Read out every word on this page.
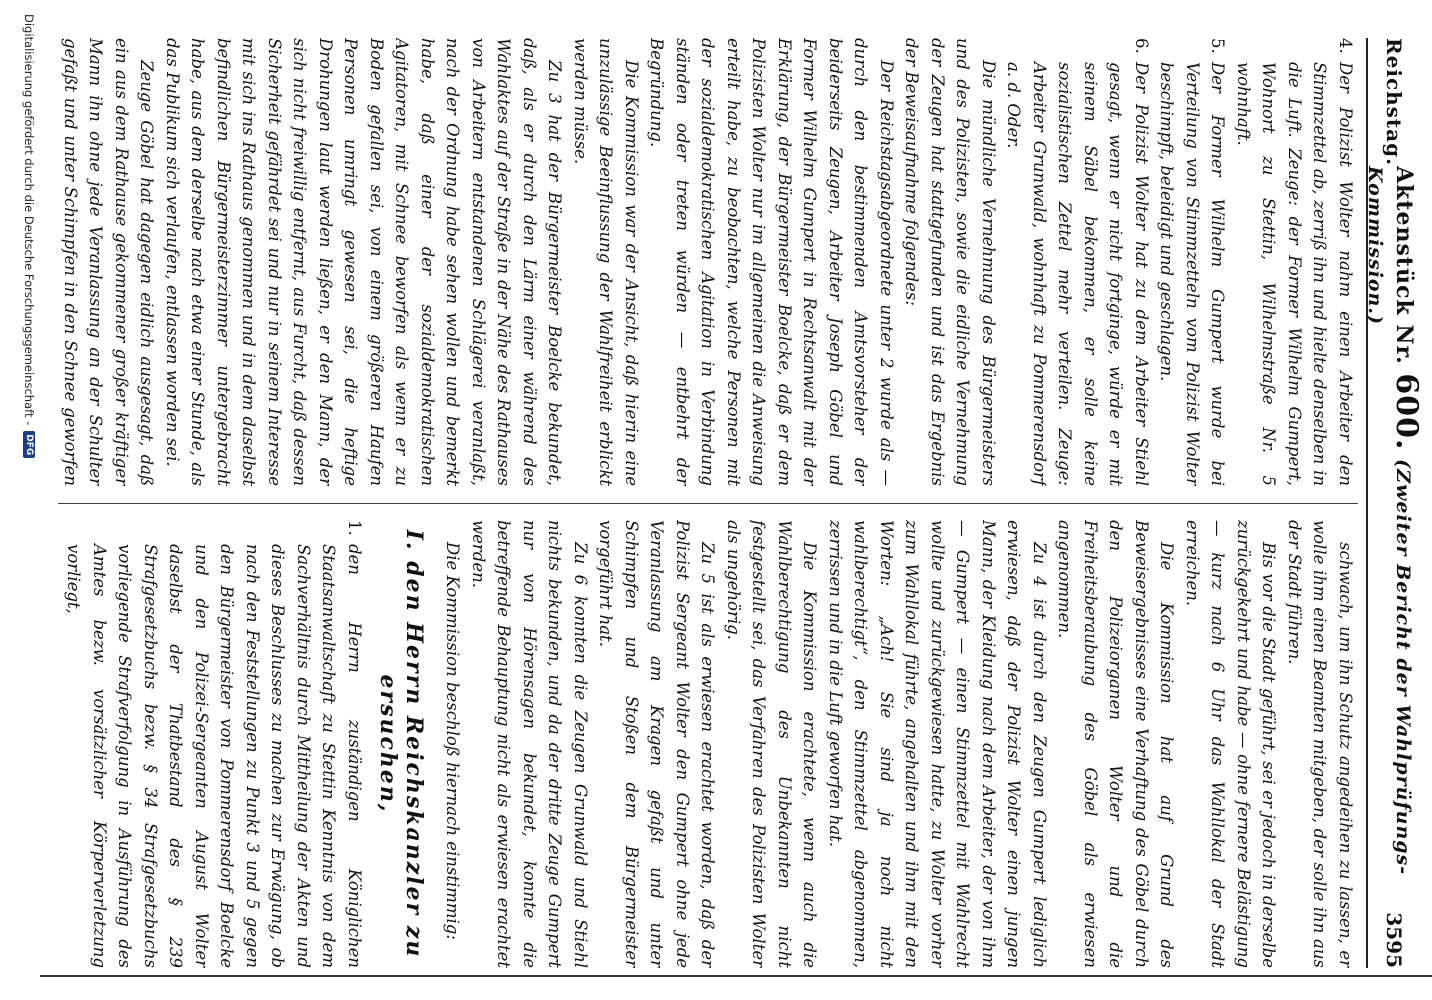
Reichstag.
Aktenstück Nr. 600. (Zweiter Bericht der Wahlprüfungs-Kommission.)
3595

4.
Der Polizist Wolter nahm einen Arbeiter den Stimmzettel ab, zerriß ihn und hielte denselben in die Luft. Zeuge: der Former Wilhelm Gumpert, Wohnort zu Stettin, Wilhelmstraße Nr. 5 wohnhaft.

5.
Der Former Wilhelm Gumpert wurde bei Verteilung von Stimmzetteln vom Polizist Wolter beschimpft, beleidigt und geschlagen.

6.
Der Polizist Wolter hat zu dem Arbeiter Stiehl gesagt, wenn er nicht fortginge, würde er mit seinem Säbel bekommen, er solle keine sozialistischen Zettel mehr verteilen. Zeuge: Arbeiter Grunwald, wohnhaft zu Pommerensdorf a. d. Oder.

Die mündliche Vernehmung des Bürgermeisters und des Polizisten, sowie die eidliche Vernehmung der Zeugen hat stattgefunden und ist das Ergebnis der Beweisaufnahme folgendes:

Der Reichstagsabgeordnete unter 2 wurde als — durch den bestimmenden Amtsvorsteher der beiderseits Zeugen, Arbeiter Joseph Göbel und Former Wilhelm Gumpert in Rechtsanwalt mit der Erklärung, der Bürgermeister Boelcke, daß er dem Polizisten Wolter nur im allgemeinen die Anweisung erteilt habe, zu beobachten, welche Personen mit der sozialdemokratischen Agitation in Verbindung ständen oder treten würden — entbehrt der Begründung.

Die Kommission war der Ansicht, daß hierin eine unzulässige Beeinflussung der Wahlfreiheit erblickt werden müsse.

Zu 3 hat der Bürgermeister Boelcke bekundet, daß, als er durch den Lärm einer während des Wahlaktes auf der Straße in der Nähe des Rathauses von Arbeitern entstandenen Schlägerei veranlaßt, nach der Ordnung habe sehen wollen und bemerkt habe, daß einer der sozialdemokratischen Agitatoren, mit Schnee beworfen als wenn er zu Boden gefallen sei, von einem größeren Haufen Personen umringt gewesen sei, die heftige Drohungen laut werden ließen, er den Mann, der sich nicht freiwillig entfernt, aus Furcht, daß dessen Sicherheit gefährdet sei und nur in seinem Interesse mit sich ins Rathaus genommen und in dem daselbst befindlichen Bürgermeisterzimmer untergebracht habe, aus dem derselbe nach etwa einer Stunde, als das Publikum sich verlaufen, entlassen worden sei.

Zeuge Göbel hat dagegen eidlich ausgesagt, daß ein aus dem Rathause gekommener großer kräftiger Mann ihn ohne jede Veranlassung an der Schulter gefaßt und unter Schimpfen in den Schnee geworfen

schwach, um ihn Schutz angedeihen zu lassen, er wolle ihm einen Beamten mitgeben, der solle ihn aus der Stadt führen.

Bis vor die Stadt geführt, sei er jedoch in derselbe zurückgekehrt und habe — ohne fernere Belästigung — kurz nach 6 Uhr das Wahllokal der Stadt erreichen.

Die Kommission hat auf Grund des Beweisergebnisses eine Verhaftung des Göbel durch den Polizeiorganen Wolter und die Freiheitsberaubung des Göbel als erwiesen angenommen.

Zu 4 ist durch den Zeugen Gumpert lediglich erwiesen, daß der Polizist Wolter einen jungen Mann, der Kleidung nach dem Arbeiter, der von ihm — Gumpert — einen Stimmzettel mit Wahlrecht wollte und zurückgewiesen hatte, zu Wolter vorher zum Wahllokal führte, angehalten und ihm mit den Worten: „Ach! Sie sind ja noch nicht wahlberechtigt“, den Stimmzettel abgenommen, zerrissen und in die Luft geworfen hat.

Die Kommission erachtete, wenn auch die Wahlberechtigung des Unbekannten nicht festgestellt sei, das Verfahren des Polizisten Wolter als ungehörig.

Zu 5 ist als erwiesen erachtet worden, daß der Polizist Sergeant Wolter den Gumpert ohne jede Veranlassung am Kragen gefaßt und unter Schimpfen und Stoßen dem Bürgermeister vorgeführt hat.

Zu 6 konnten die Zeugen Grunwald und Stiehl nichts bekunden, und da der dritte Zeuge Gumpert nur von Hörensagen bekundet, konnte die betreffende Behauptung nicht als erwiesen erachtet werden.

Die Kommission beschloß hiernach einstimmig:

I. den Herrn Reichskanzler zu ersuchen,

1.
den Herrn zuständigen Königlichen Staatsanwaltschaft zu Stettin Kenntnis von dem Sachverhältnis durch Mittheilung der Akten und dieses Beschlusses zu machen zur Erwägung, ob nach den Feststellungen zu Punkt 3 und 5 gegen den Bürgermeister von Pommerensdorf Boelcke und den Polizei-Sergeanten August Wolter daselbst der Thatbestand des § 239 Strafgesetzbuchs bezw. § 34 Strafgesetzbuchs vorliegende Strafverfolgung in Ausführung des Amtes bezw. vorsätzlicher Körperverletzung vorliegt,

Digitalisierung gefördert durch die Deutsche Forschungsgemeinschaft -
DFG
